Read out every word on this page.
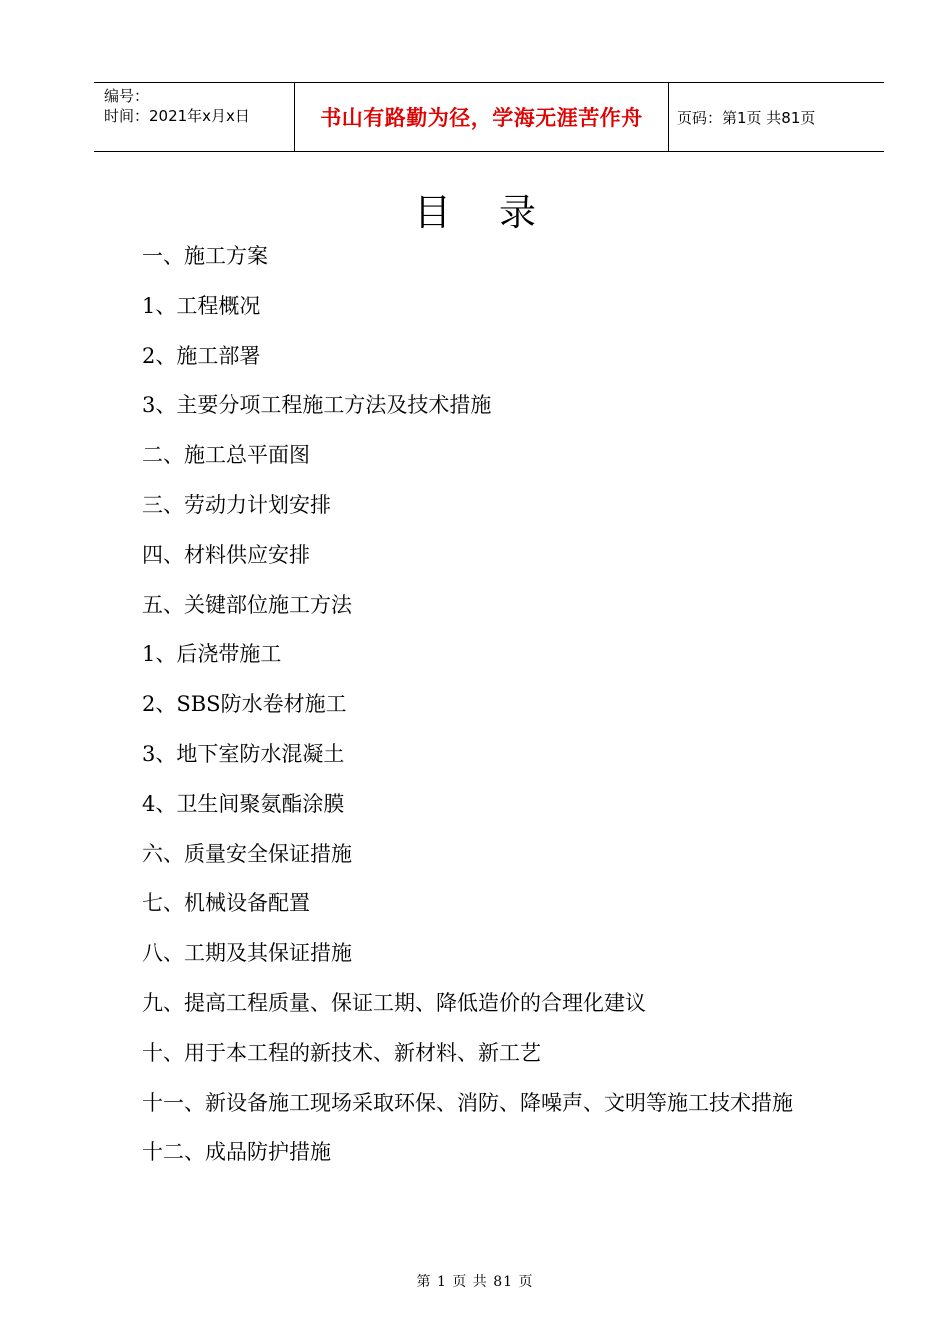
编号：
时间：2021年x月x日	书山有路勤为径，学海无涯苦作舟 页码：第1页 共81页
目录
一、施工方案
1、工程概况
2、施工部署
3、主要分项工程施工方法及技术措施
二、施工总平面图
三、劳动力计划安排
四、材料供应安排
五、关键部位施工方法
1、后浇带施工
2、SBS防水卷材施工
3、地下室防水混凝土
4、卫生间聚氨酯涂膜
六、质量安全保证措施
七、机械设备配置
八、工期及其保证措施
九、提高工程质量、保证工期、降低造价的合理化建议
十、用于本工程的新技术、新材料、新工艺
十一、新设备施工现场采取环保、消防、降噪声、文明等施工技术措施
十二、成品防护措施
第 1 页 共 81 页
